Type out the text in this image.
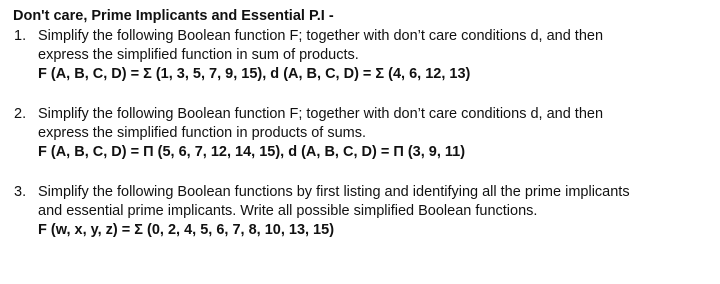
Don't care, Prime Implicants and Essential P.I -
1. Simplify the following Boolean function F; together with don’t care conditions d, and then
express the simplified function in sum of products.
F (A, B, C, D) = Σ (1, 3, 5, 7, 9, 15), d (A, B, C, D) = Σ (4, 6, 12, 13)
2. Simplify the following Boolean function F; together with don’t care conditions d, and then
express the simplified function in products of sums.
F (A, B, C, D) = Π (5, 6, 7, 12, 14, 15), d (A, B, C, D) = Π (3, 9, 11)
3. Simplify the following Boolean functions by first listing and identifying all the prime implicants
and essential prime implicants. Write all possible simplified Boolean functions.
F (w, x, y, z) = Σ (0, 2, 4, 5, 6, 7, 8, 10, 13, 15)
